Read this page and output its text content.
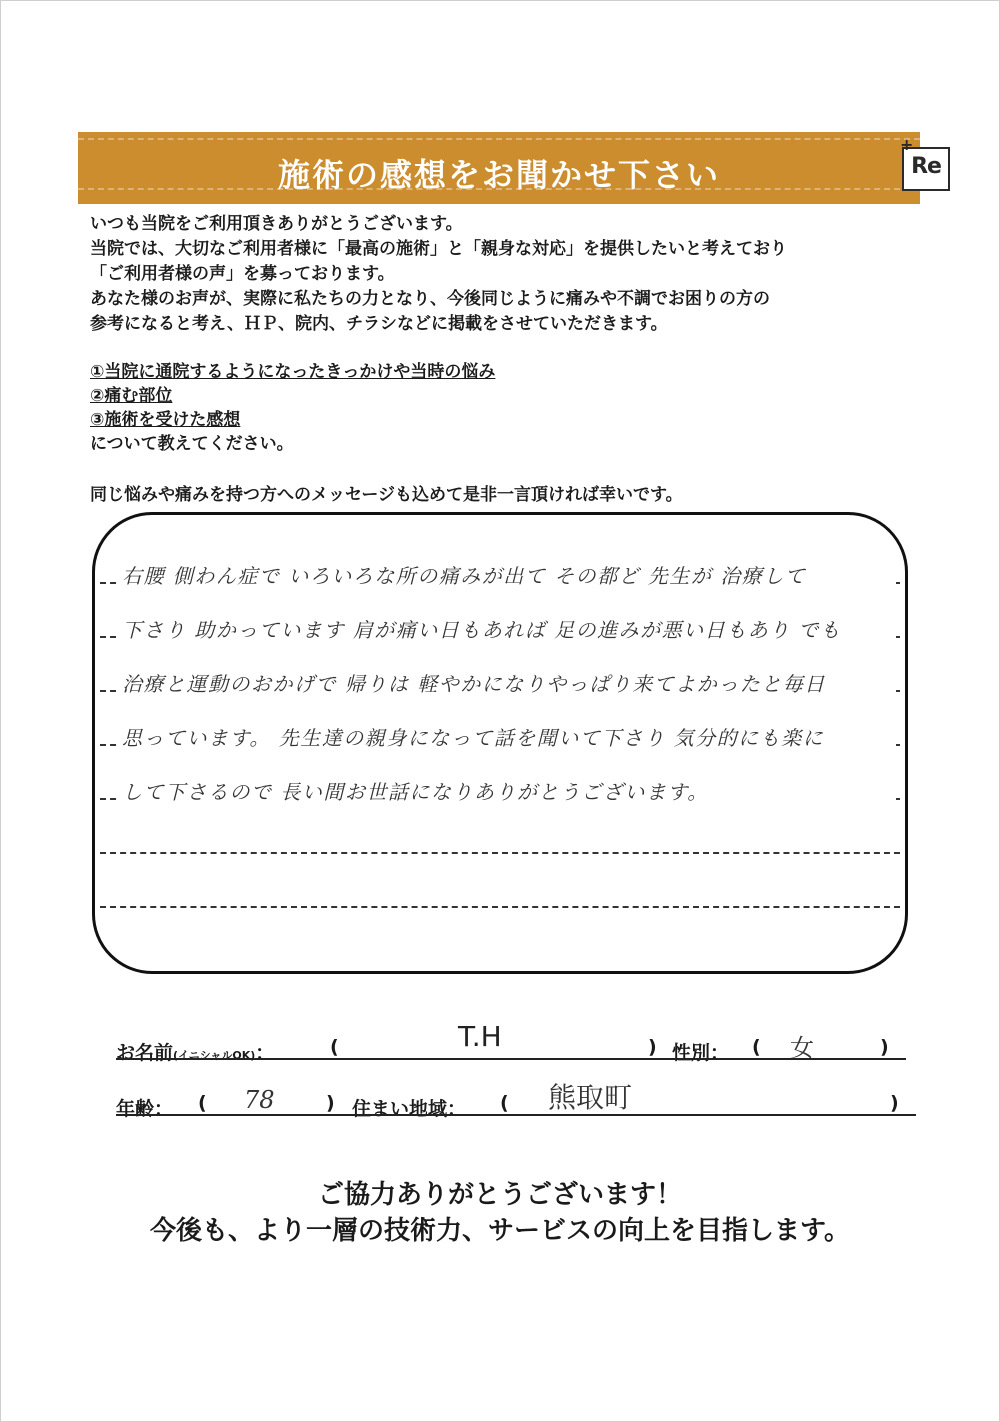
施術の感想をお聞かせ下さい
+
Re

いつも当院をご利用頂きありがとうございます。

当院では、大切なご利用者様に「最高の施術」と「親身な対応」を提供したいと考えており

「ご利用者様の声」を募っております。

あなた様のお声が、実際に私たちの力となり、今後同じように痛みや不調でお困りの方の

参考になると考え、ＨＰ、院内、チラシなどに掲載をさせていただきます。

①当院に通院するようになったきっかけや当時の悩み

②痛む部位

③施術を受けた感想

について教えてください。

同じ悩みや痛みを持つ方へのメッセージも込めて是非一言頂ければ幸いです。
右腰 側わん症で いろいろな所の痛みが出て その都ど 先生が 治療して
下さり 助かっています 肩が痛い日もあれば 足の進みが悪い日もあり でも
治療と運動のおかげで 帰りは 軽やかになりやっぱり来てよかったと毎日
思っています。 先生達の親身になって話を聞いて下さり 気分的にも楽に
して下さるので 長い間お世話になりありがとうございます。
お名前(イニシャルOK)：	(	T.H	) 性別： ( 女	)
年齢： ( 78	) 住まい地域： ( 熊取町	)
ご協力ありがとうございます！
今後も、より一層の技術力、サービスの向上を目指します。
